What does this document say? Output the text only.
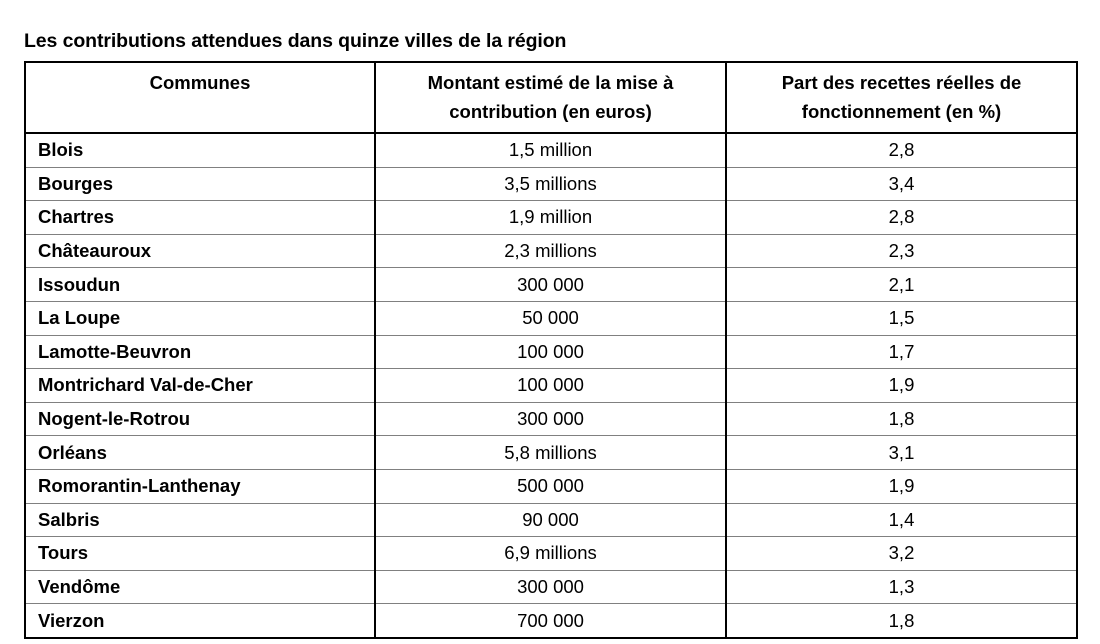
Les contributions attendues dans quinze villes de la région
Communes	Montant estimé de la mise à contribution (en euros)	Part des recettes réelles de fonctionnement (en %)
Blois	1,5 million	2,8
Bourges	3,5 millions	3,4
Chartres	1,9 million	2,8
Châteauroux	2,3 millions	2,3
Issoudun	300 000	2,1
La Loupe	50 000	1,5
Lamotte-Beuvron	100 000	1,7
Montrichard Val-de-Cher	100 000	1,9
Nogent-le-Rotrou	300 000	1,8
Orléans	5,8 millions	3,1
Romorantin-Lanthenay	500 000	1,9
Salbris	90 000	1,4
Tours	6,9 millions	3,2
Vendôme	300 000	1,3
Vierzon	700 000	1,8
